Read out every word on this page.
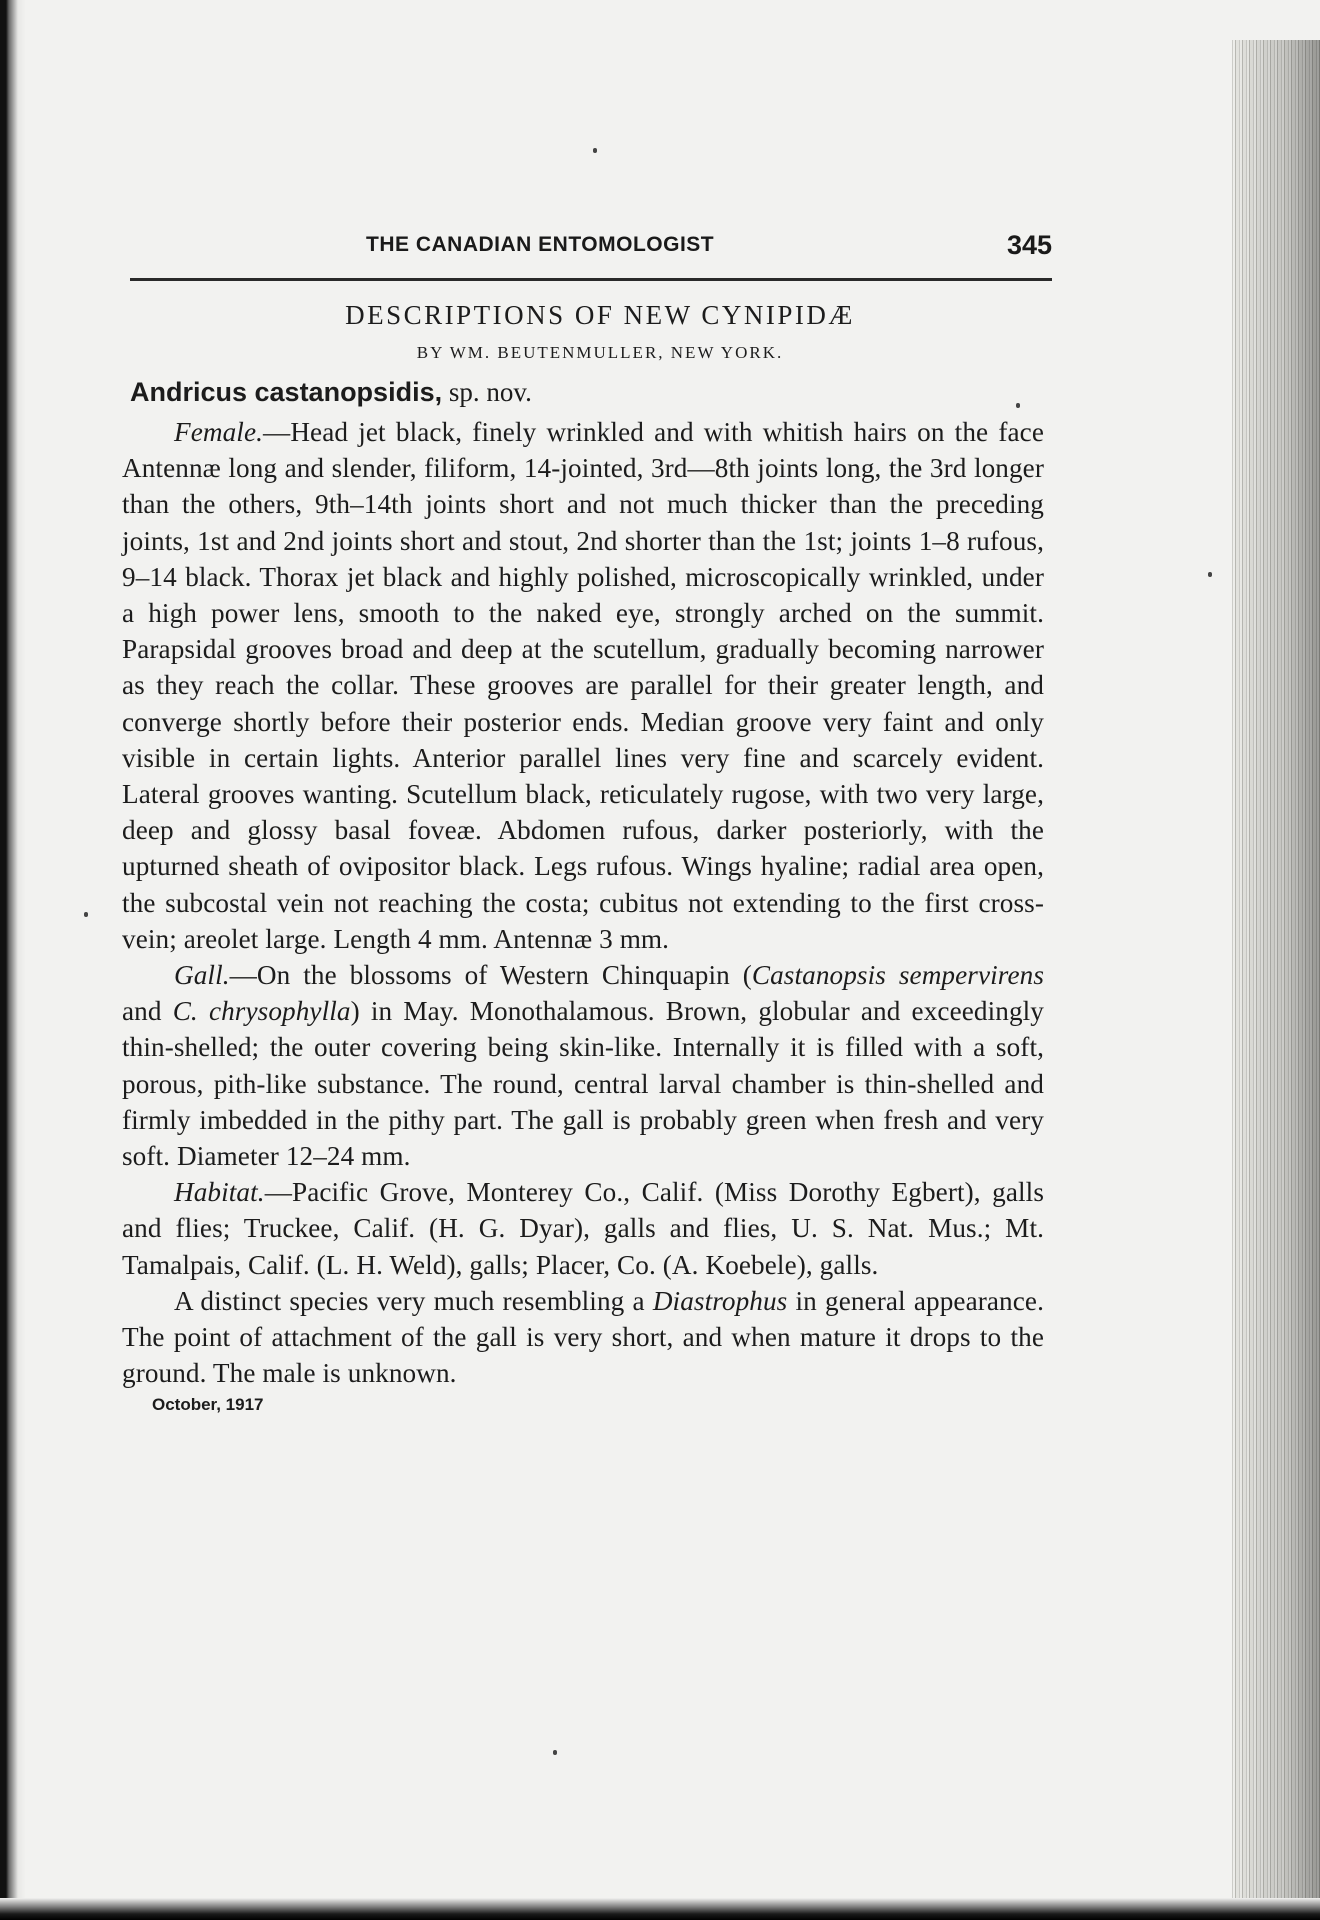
THE CANADIAN ENTOMOLOGIST	345
DESCRIPTIONS OF NEW CYNIPIDÆ
BY WM. BEUTENMULLER, NEW YORK.
Andricus castanopsidis, sp. nov.

Female.—Head jet black, finely wrinkled and with whitish hairs on the face Antennæ long and slender, filiform, 14-jointed, 3rd—8th joints long, the 3rd longer than the others, 9th–14th joints short and not much thicker than the preceding joints, 1st and 2nd joints short and stout, 2nd shorter than the 1st; joints 1–8 rufous, 9–14 black. Thorax jet black and highly polished, microscopically wrinkled, under a high power lens, smooth to the naked eye, strongly arched on the summit. Parapsidal grooves broad and deep at the scutellum, gradually becoming narrower as they reach the collar. These grooves are parallel for their greater length, and converge shortly before their posterior ends. Median groove very faint and only visible in certain lights. Anterior parallel lines very fine and scarcely evident. Lateral grooves wanting. Scutellum black, reticulately rugose, with two very large, deep and glossy basal foveæ. Abdomen rufous, darker posteriorly, with the upturned sheath of ovipositor black. Legs rufous. Wings hyaline; radial area open, the subcostal vein not reaching the costa; cubitus not extending to the first cross-vein; areolet large. Length 4 mm. Antennæ 3 mm.

Gall.—On the blossoms of Western Chinquapin (Castanopsis sempervirens and C. chrysophylla) in May. Monothalamous. Brown, globular and exceedingly thin-shelled; the outer covering being skin-like. Internally it is filled with a soft, porous, pith-like substance. The round, central larval chamber is thin-shelled and firmly imbedded in the pithy part. The gall is probably green when fresh and very soft. Diameter 12–24 mm.

Habitat.—Pacific Grove, Monterey Co., Calif. (Miss Dorothy Egbert), galls and flies; Truckee, Calif. (H. G. Dyar), galls and flies, U. S. Nat. Mus.; Mt. Tamalpais, Calif. (L. H. Weld), galls; Placer, Co. (A. Koebele), galls.

A distinct species very much resembling a Diastrophus in general appearance. The point of attachment of the gall is very short, and when mature it drops to the ground. The male is unknown.

October, 1917
